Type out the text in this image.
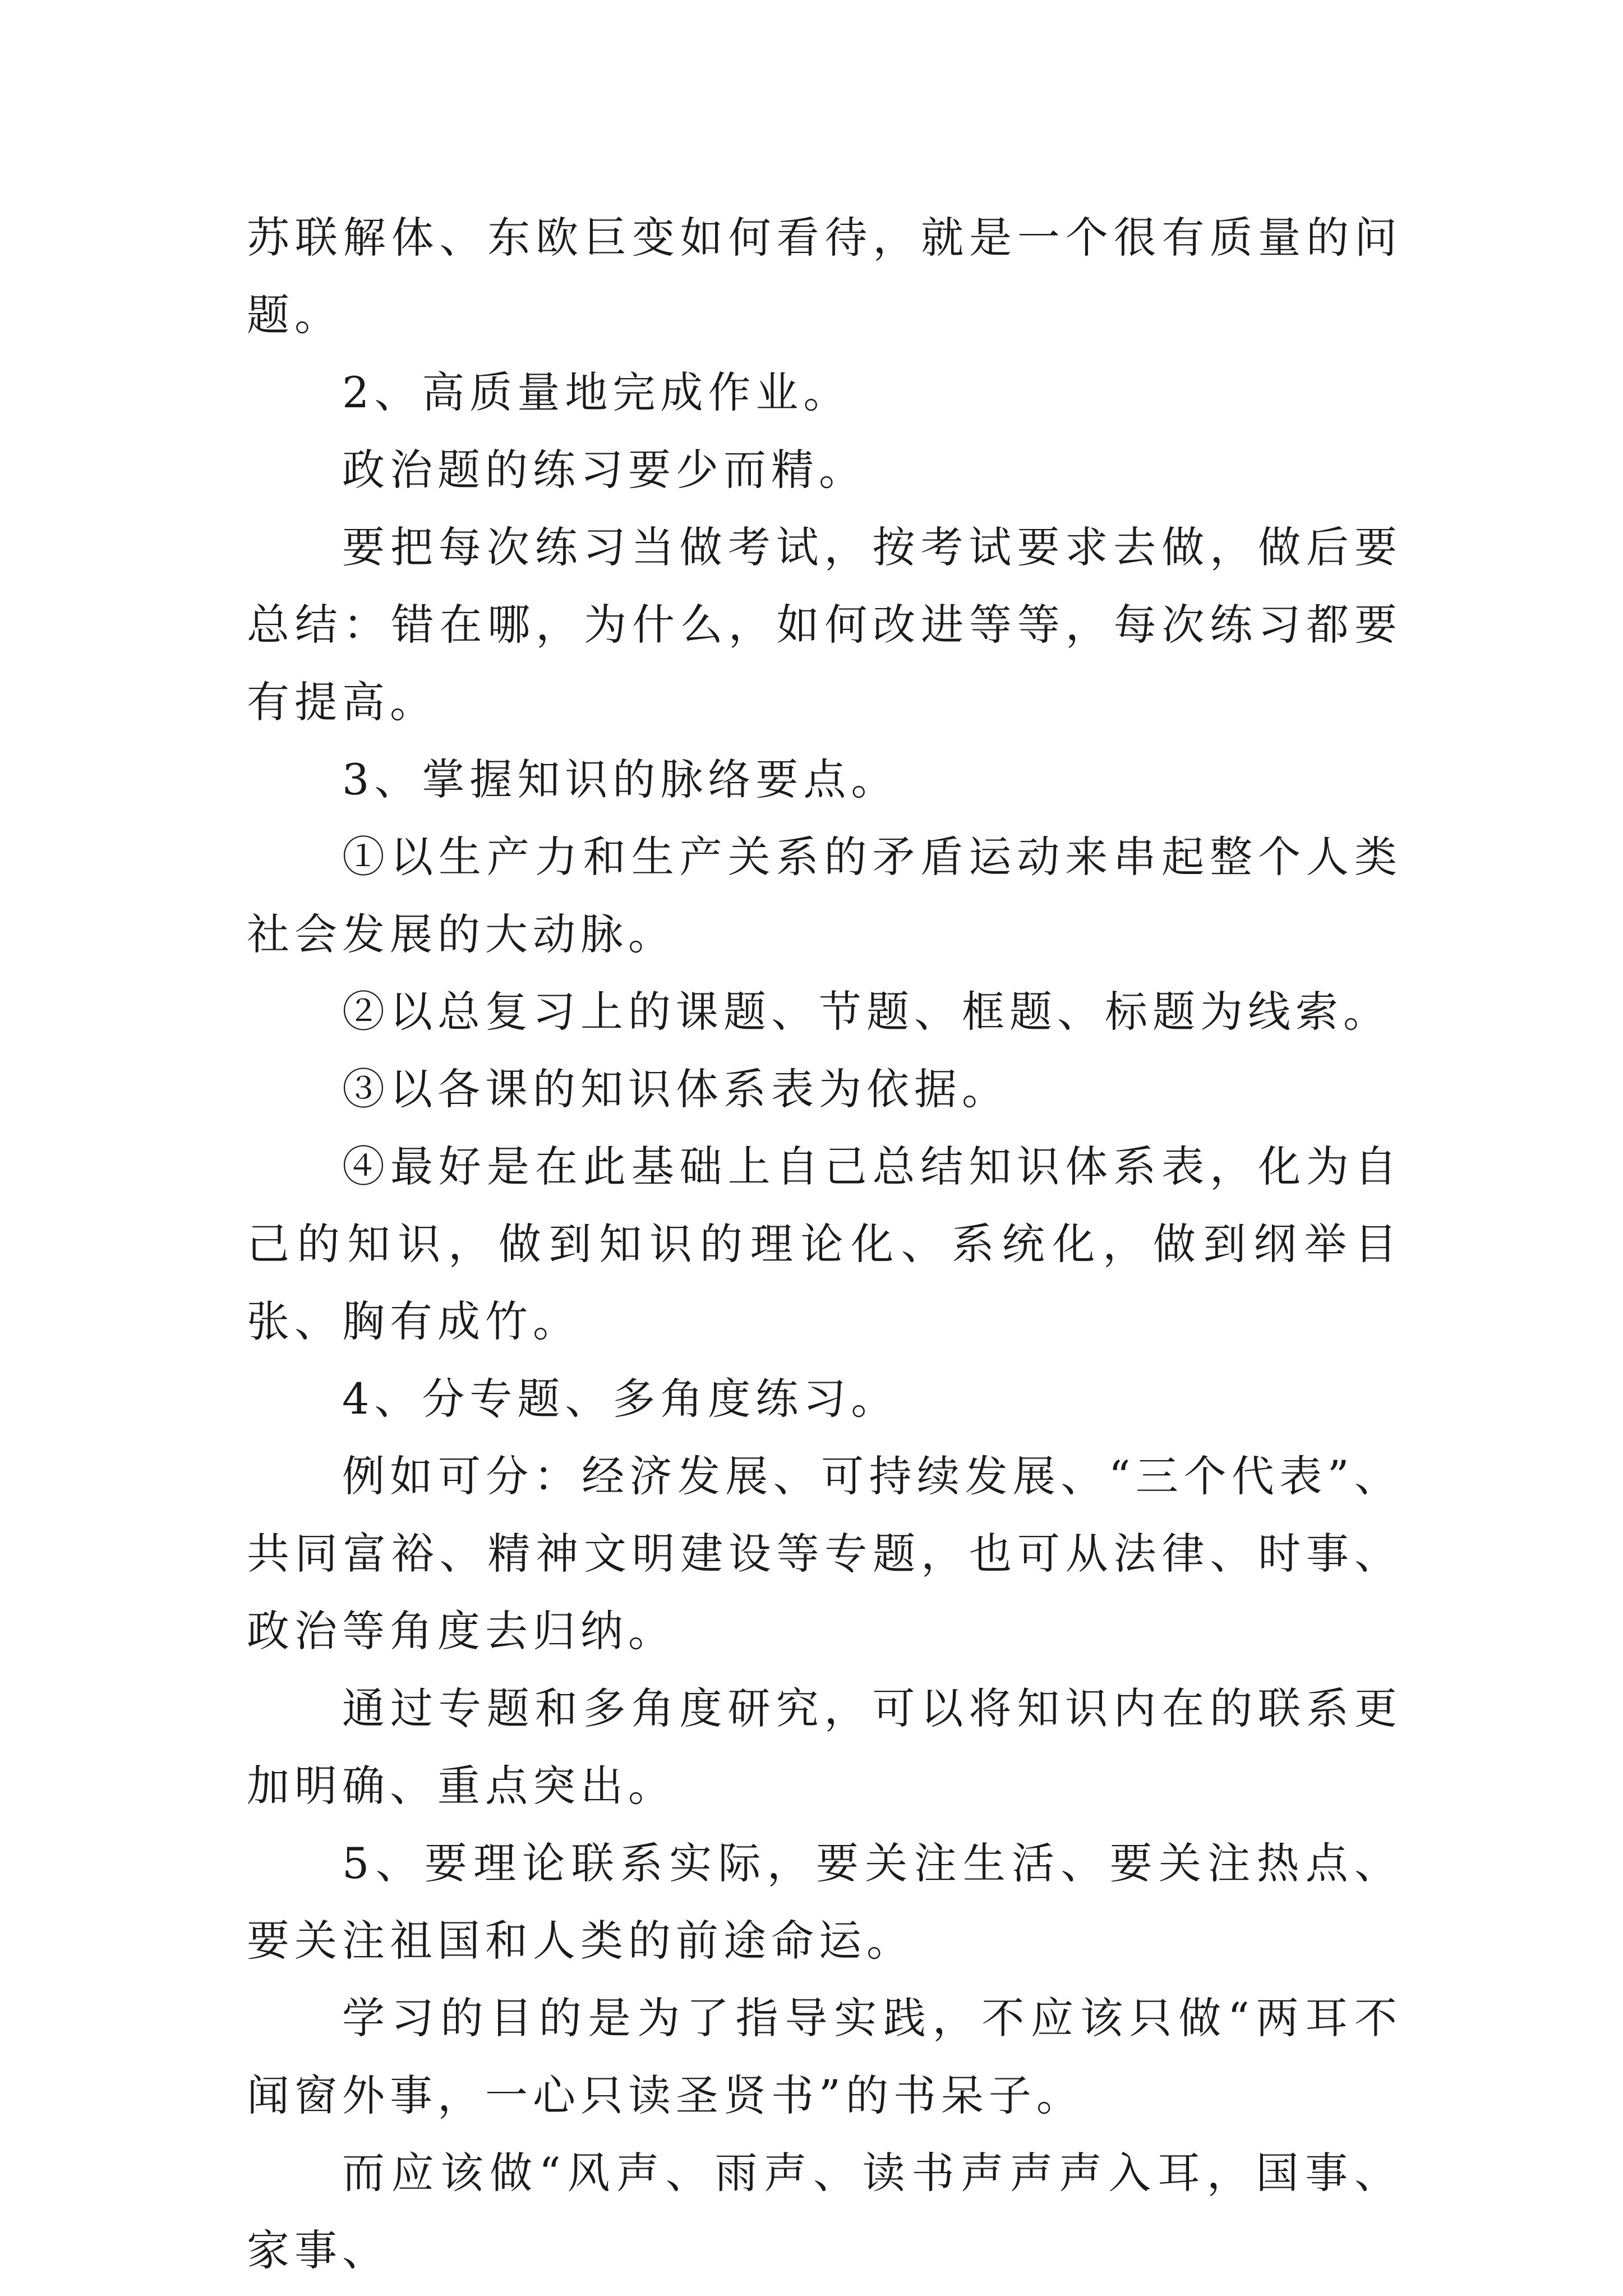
苏联解体、东欧巨变如何看待，就是一个很有质量的问题。

2、高质量地完成作业。

政治题的练习要少而精。

要把每次练习当做考试，按考试要求去做，做后要总结：错在哪，为什么，如何改进等等，每次练习都要有提高。

3、掌握知识的脉络要点。

①以生产力和生产关系的矛盾运动来串起整个人类社会发展的大动脉。

②以总复习上的课题、节题、框题、标题为线索。

③以各课的知识体系表为依据。

④最好是在此基础上自己总结知识体系表，化为自己的知识，做到知识的理论化、系统化，做到纲举目张、胸有成竹。

4、分专题、多角度练习。

例如可分：经济发展、可持续发展、“三个代表”、共同富裕、精神文明建设等专题，也可从法律、时事、政治等角度去归纳。

通过专题和多角度研究，可以将知识内在的联系更加明确、重点突出。

5、要理论联系实际，要关注生活、要关注热点、要关注祖国和人类的前途命运。

学习的目的是为了指导实践，不应该只做“两耳不闻窗外事，一心只读圣贤书”的书呆子。

而应该做“风声、雨声、读书声声声入耳，国事、家事、
